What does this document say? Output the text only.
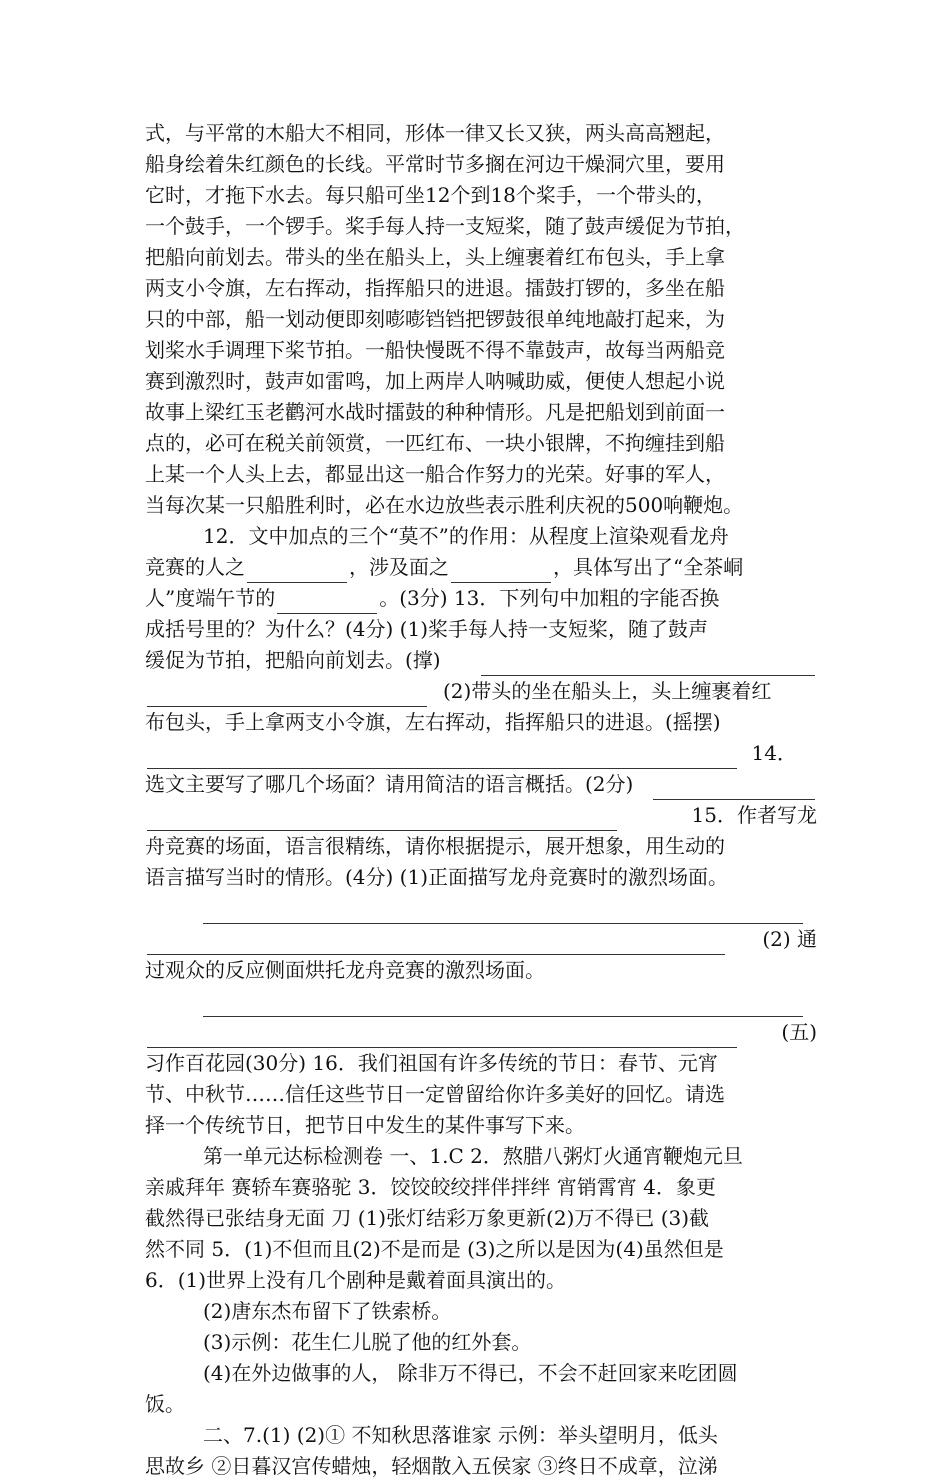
式，与平常的木船大不相同，形体一律又长又狭，两头高高翘起，
船身绘着朱红颜色的长线。平常时节多搁在河边干燥洞穴里，要用
它时，才拖下水去。每只船可坐12个到18个桨手，一个带头的，
一个鼓手，一个锣手。桨手每人持一支短桨，随了鼓声缓促为节拍，
把船向前划去。带头的坐在船头上，头上缠裹着红布包头，手上拿
两支小令旗，左右挥动，指挥船只的进退。擂鼓打锣的，多坐在船
只的中部，船一划动便即刻嘭嘭铛铛把锣鼓很单纯地敲打起来，为
划桨水手调理下桨节拍。一船快慢既不得不靠鼓声，故每当两船竞
赛到激烈时，鼓声如雷鸣，加上两岸人呐喊助威，便使人想起小说
故事上梁红玉老鹳河水战时擂鼓的种种情形。凡是把船划到前面一
点的，必可在税关前领赏，一匹红布、一块小银牌，不拘缠挂到船
上某一个人头上去，都显出这一船合作努力的光荣。好事的军人，
当每次某一只船胜利时，必在水边放些表示胜利庆祝的500响鞭炮。
12．文中加点的三个“莫不”的作用：从程度上渲染观看龙舟
竞赛的人之	，涉及面之	，具体写出了“全茶峒
人”度端午节的	。(3分) 13．下列句中加粗的字能否换
成括号里的？为什么？(4分) (1)桨手每人持一支短桨，随了鼓声
缓促为节拍，把船向前划去。(撑)
(2)带头的坐在船头上，头上缠裹着红
布包头，手上拿两支小令旗，左右挥动，指挥船只的进退。(摇摆)
14．
选文主要写了哪几个场面？请用简洁的语言概括。(2分)
15．作者写龙
舟竞赛的场面，语言很精练，请你根据提示，展开想象，用生动的
语言描写当时的情形。(4分) (1)正面描写龙舟竞赛时的激烈场面。
(2) 通
过观众的反应侧面烘托龙舟竞赛的激烈场面。
(五)
习作百花园(30分) 16．我们祖国有许多传统的节日：春节、元宵
节、中秋节……信任这些节日一定曾留给你许多美好的回忆。请选
择一个传统节日，把节日中发生的某件事写下来。
第一单元达标检测卷 一、1.C 2．熬腊八粥灯火通宵鞭炮元旦
亲戚拜年 赛轿车赛骆驼 3．饺饺皎绞拌伴拌绊 宵销霄宵 4．象更
截然得已张结身无面 刀 (1)张灯结彩万象更新(2)万不得已 (3)截
然不同 5．(1)不但而且(2)不是而是 (3)之所以是因为(4)虽然但是
6．(1)世界上没有几个剧种是戴着面具演出的。
(2)唐东杰布留下了铁索桥。
(3)示例：花生仁儿脱了他的红外套。
(4)在外边做事的人， 除非万不得已，不会不赶回家来吃团圆
饭。
二、7.(1) (2)① 不知秋思落谁家 示例：举头望明月，低头
思故乡 ②日暮汉宫传蜡烛，轻烟散入五侯家 ③终日不成章，泣涕
